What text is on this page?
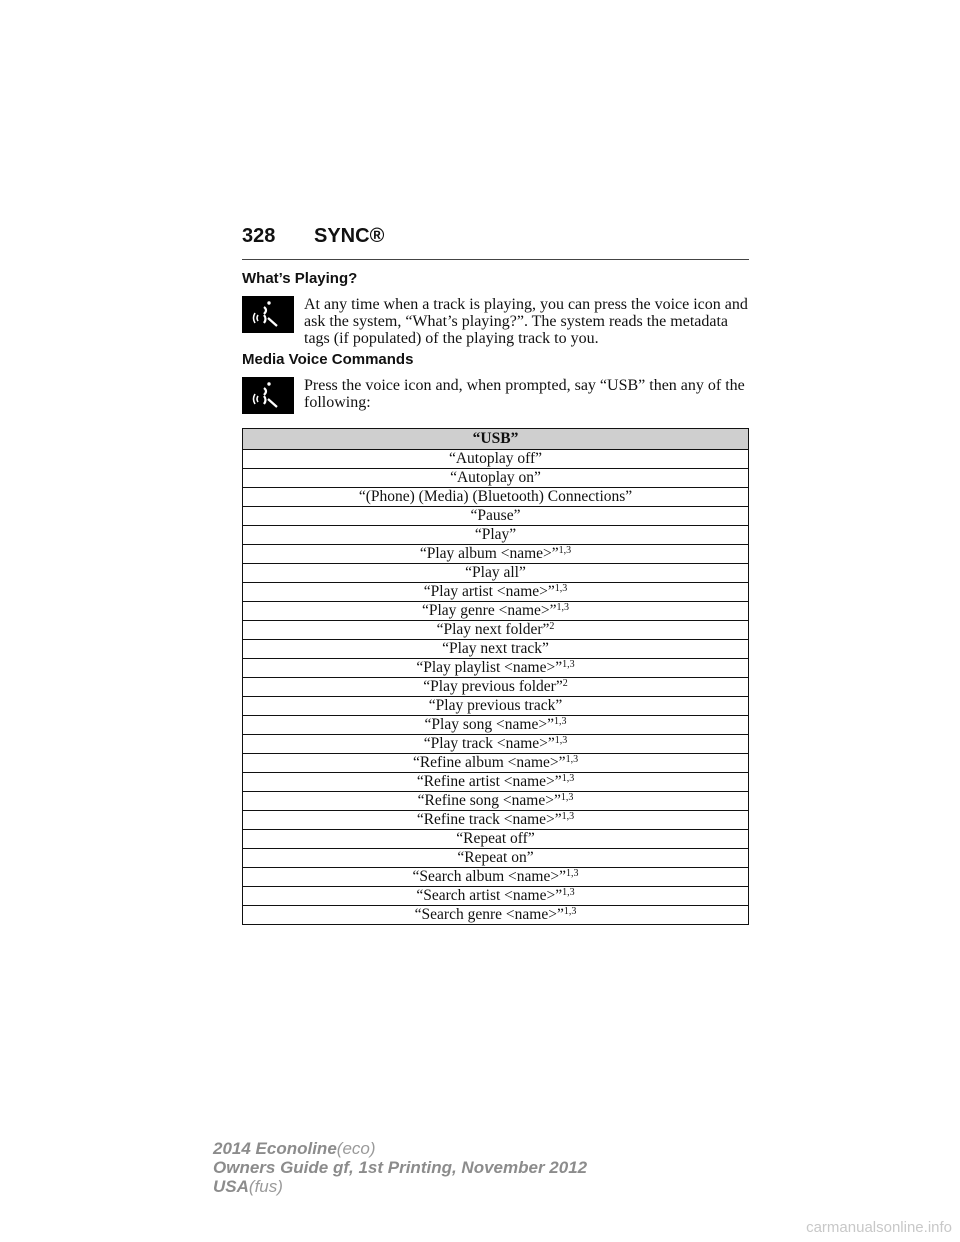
328 SYNC®
What’s Playing?
At any time when a track is playing, you can press the voice icon and ask the system, “What’s playing?”. The system reads the metadata tags (if populated) of the playing track to you.
Media Voice Commands
Press the voice icon and, when prompted, say “USB” then any of the following:
“USB”
“Autoplay off”
“Autoplay on”
“(Phone) (Media) (Bluetooth) Connections”
“Pause”
“Play”
“Play album <name>”$^{1,3}$
“Play all”
“Play artist <name>”$^{1,3}$
“Play genre <name>”$^{1,3}$
“Play next folder”$^2$
“Play next track”
“Play playlist <name>”$^{1,3}$
“Play previous folder”$^2$
“Play previous track”
“Play song <name>”$^{1,3}$
“Play track <name>”$^{1,3}$
“Refine album <name>”$^{1,3}$
“Refine artist <name>”$^{1,3}$
“Refine song <name>”$^{1,3}$
“Refine track <name>”$^{1,3}$
“Repeat off”
“Repeat on”
“Search album <name>”$^{1,3}$
“Search artist <name>”$^{1,3}$
“Search genre <name>”$^{1,3}$
2014 Econoline(eco)
Owners Guide gf, 1st Printing, November 2012
USA(fus)
carmanualsonline.info
